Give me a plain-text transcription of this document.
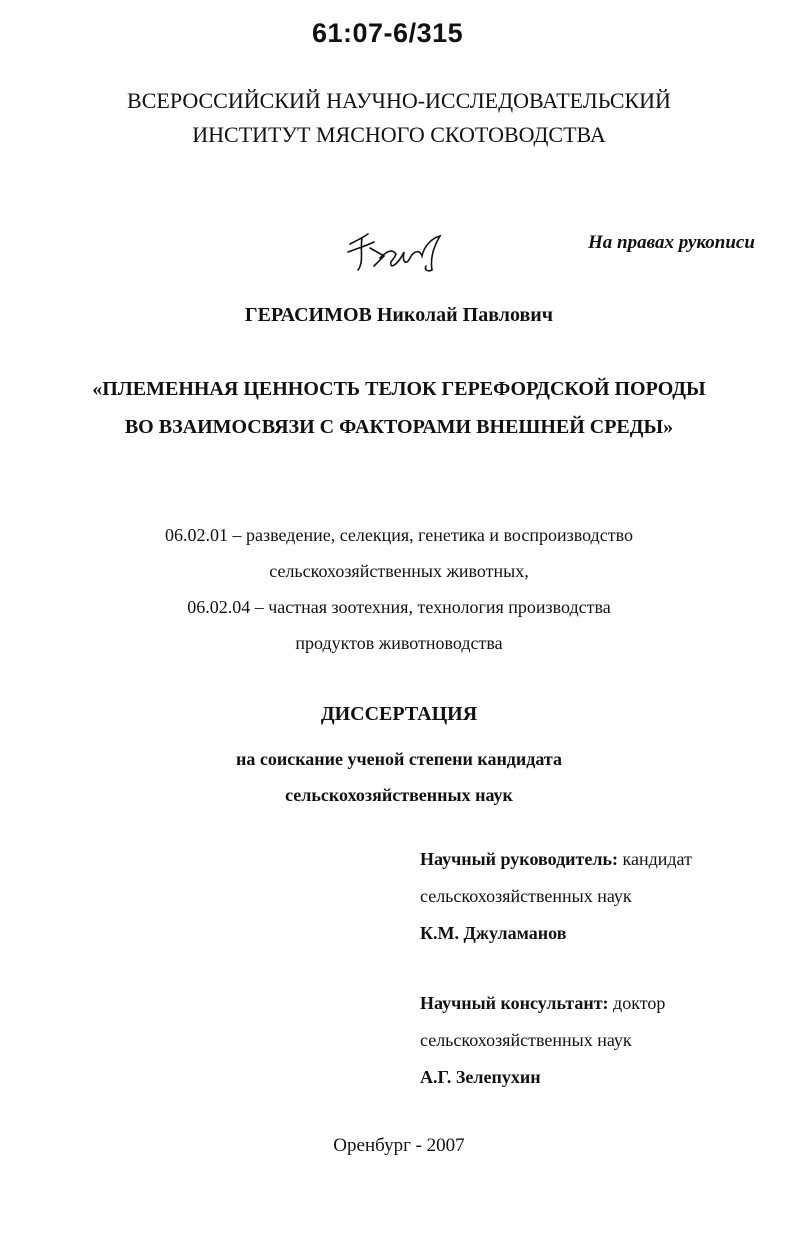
61:07-6/315
ВСЕРОССИЙСКИЙ НАУЧНО-ИССЛЕДОВАТЕЛЬСКИЙ
ИНСТИТУТ МЯСНОГО СКОТОВОДСТВА
На правах рукописи
ГЕРАСИМОВ Николай Павлович
«ПЛЕМЕННАЯ ЦЕННОСТЬ ТЕЛОК ГЕРЕФОРДСКОЙ ПОРОДЫ
ВО ВЗАИМОСВЯЗИ С ФАКТОРАМИ ВНЕШНЕЙ СРЕДЫ»
06.02.01 – разведение, селекция, генетика и воспроизводство
сельскохозяйственных животных,
06.02.04 – частная зоотехния, технология производства
продуктов животноводства
ДИССЕРТАЦИЯ
на соискание ученой степени кандидата
сельскохозяйственных наук
Научный руководитель: кандидат
сельскохозяйственных наук
К.М. Джуламанов
Научный консультант: доктор
сельскохозяйственных наук
А.Г. Зелепухин
Оренбург - 2007
